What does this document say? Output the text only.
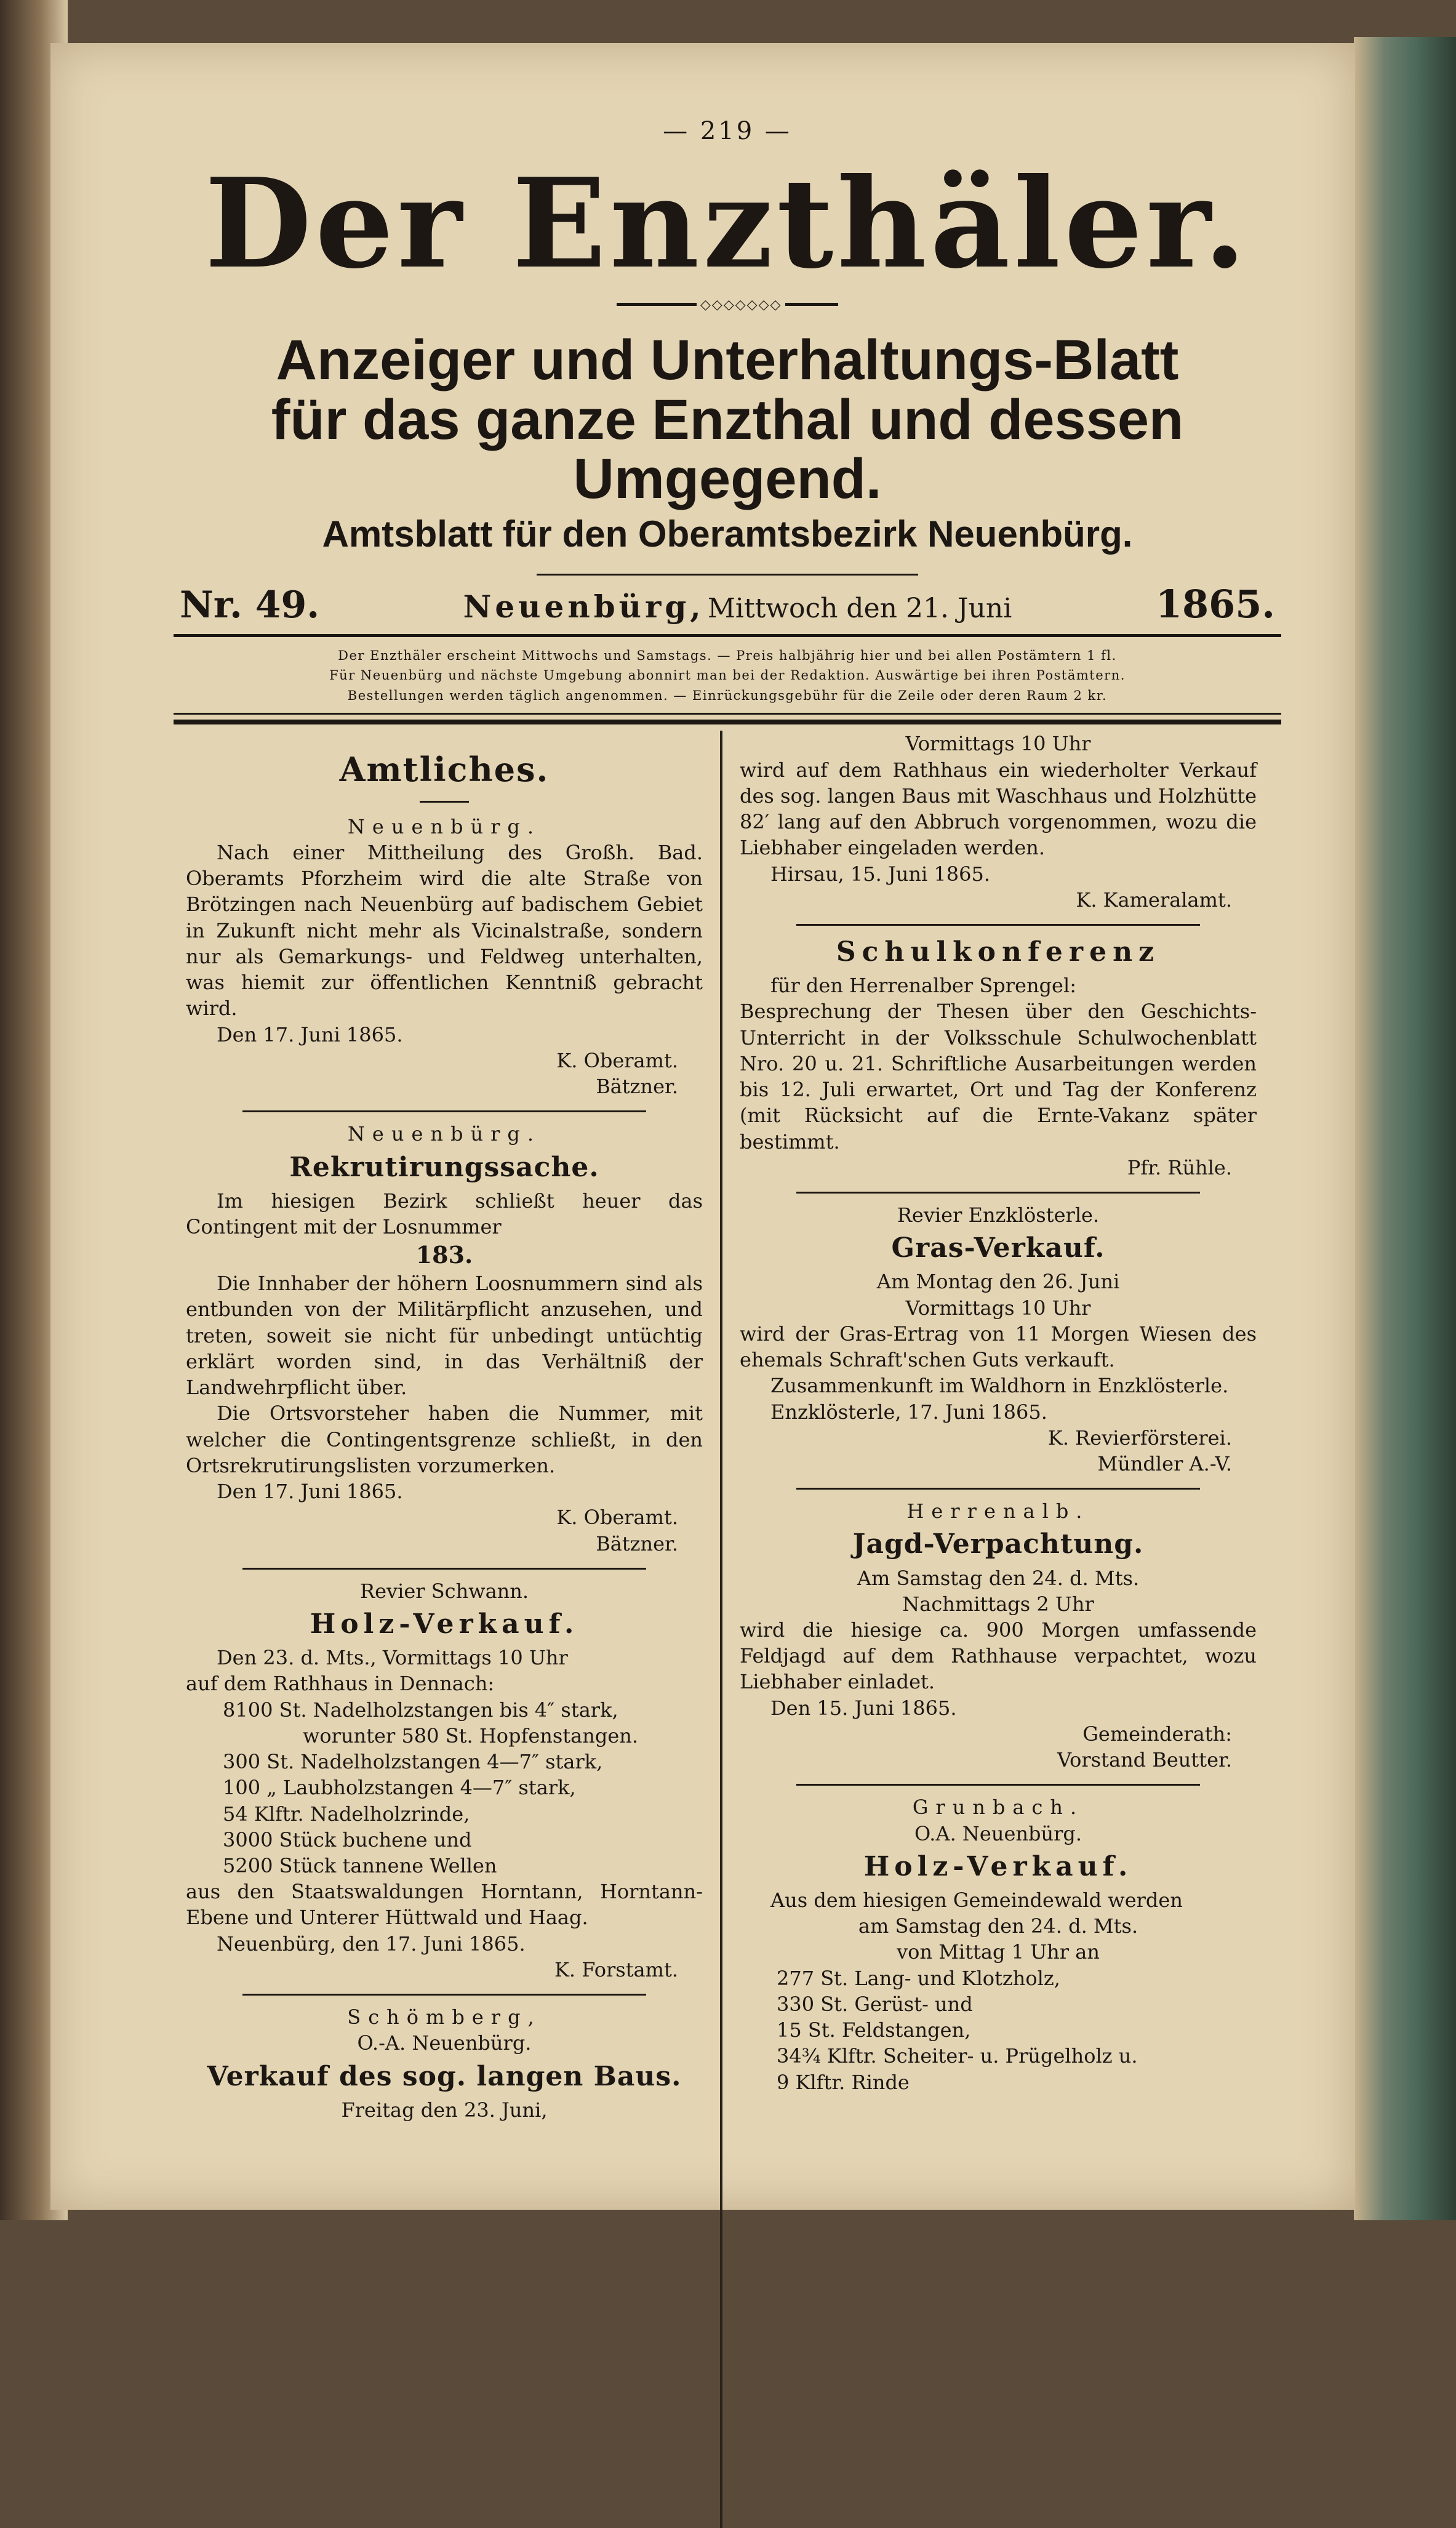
— 219 —
Der Enzthäler.
◇◇◇◇◇◇◇
Anzeiger und Unterhaltungs-Blatt
für das ganze Enzthal und dessen Umgegend.
Amtsblatt für den Oberamtsbezirk Neuenbürg.
Nr. 49.	Neuenbürg, Mittwoch den 21. Juni	1865.

Der Enzthäler erscheint Mittwochs und Samstags. — Preis halbjährig hier und bei allen Postämtern 1 fl.

Für Neuenbürg und nächste Umgebung abonnirt man bei der Redaktion. Auswärtige bei ihren Postämtern.

Bestellungen werden täglich angenommen. — Einrückungsgebühr für die Zeile oder deren Raum 2 kr.

Amtliches.
Neuenbürg.

Nach einer Mittheilung des Großh. Bad. Oberamts Pforzheim wird die alte Straße von Brötzingen nach Neuenbürg auf badischem Gebiet in Zukunft nicht mehr als Vicinalstraße, sondern nur als Gemarkungs- und Feldweg unterhalten, was hiemit zur öffentlichen Kenntniß gebracht wird.

Den 17. Juni 1865.

K. Oberamt.
Bätzner.
Neuenbürg.
Rekrutirungssache.

Im hiesigen Bezirk schließt heuer das Contingent mit der Losnummer

183.

Die Innhaber der höhern Loosnummern sind als entbunden von der Militärpflicht anzusehen, und treten, soweit sie nicht für unbedingt untüchtig erklärt worden sind, in das Verhältniß der Landwehrpflicht über.

Die Ortsvorsteher haben die Nummer, mit welcher die Contingentsgrenze schließt, in den Ortsrekrutirungslisten vorzumerken.

Den 17. Juni 1865.

K. Oberamt.
Bätzner.
Revier Schwann.
Holz-Verkauf.

Den 23. d. Mts., Vormittags 10 Uhr

auf dem Rathhaus in Dennach:

8100 St. Nadelholzstangen bis 4″ stark,

worunter 580 St. Hopfenstangen.

300 St. Nadelholzstangen 4—7″ stark,

100 „ Laubholzstangen 4—7″ stark,

54 Klftr. Nadelholzrinde,

3000 Stück buchene und

5200 Stück tannene Wellen

aus den Staatswaldungen Horntann, Horntann-Ebene und Unterer Hüttwald und Haag.

Neuenbürg, den 17. Juni 1865.

K. Forstamt.
Schömberg,
O.-A. Neuenbürg.
Verkauf des sog. langen Baus.
Freitag den 23. Juni,
Vormittags 10 Uhr

wird auf dem Rathhaus ein wiederholter Verkauf des sog. langen Baus mit Waschhaus und Holzhütte 82′ lang auf den Abbruch vorgenommen, wozu die Liebhaber eingeladen werden.

Hirsau, 15. Juni 1865.

K. Kameralamt.
Schulkonferenz

für den Herrenalber Sprengel:

Besprechung der Thesen über den Geschichts-Unterricht in der Volksschule Schulwochenblatt Nro. 20 u. 21. Schriftliche Ausarbeitungen werden bis 12. Juli erwartet, Ort und Tag der Konferenz (mit Rücksicht auf die Ernte-Vakanz später bestimmt.

Pfr. Rühle.
Revier Enzklösterle.
Gras-Verkauf.
Am Montag den 26. Juni
Vormittags 10 Uhr

wird der Gras-Ertrag von 11 Morgen Wiesen des ehemals Schraft'schen Guts verkauft.

Zusammenkunft im Waldhorn in Enzklösterle.

Enzklösterle, 17. Juni 1865.

K. Revierförsterei.
Mündler A.-V.
Herrenalb.
Jagd-Verpachtung.
Am Samstag den 24. d. Mts.
Nachmittags 2 Uhr

wird die hiesige ca. 900 Morgen umfassende Feldjagd auf dem Rathhause verpachtet, wozu Liebhaber einladet.

Den 15. Juni 1865.

Gemeinderath:
Vorstand Beutter.
Grunbach.
O.A. Neuenbürg.
Holz-Verkauf.

Aus dem hiesigen Gemeindewald werden

am Samstag den 24. d. Mts.
von Mittag 1 Uhr an

277 St. Lang- und Klotzholz,

330 St. Gerüst- und

15 St. Feldstangen,

34¾ Klftr. Scheiter- u. Prügelholz u.

9 Klftr. Rinde
